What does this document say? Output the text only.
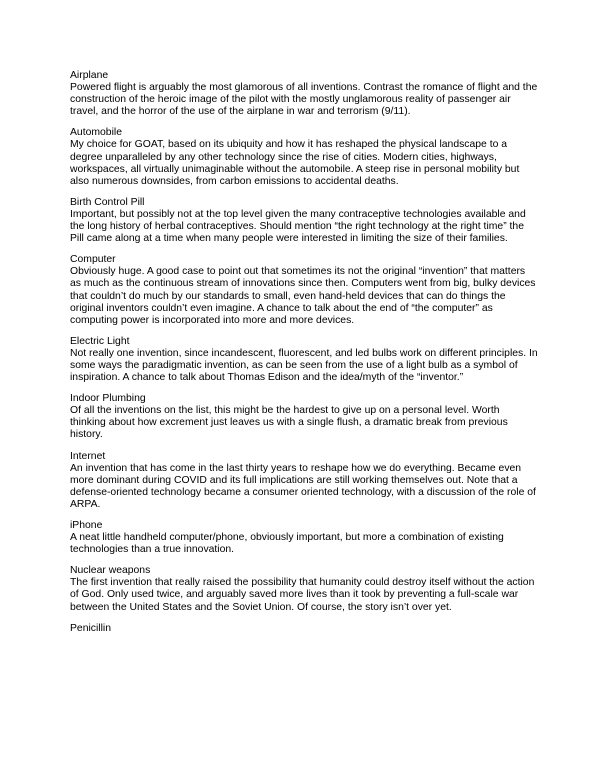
Airplane
Powered flight is arguably the most glamorous of all inventions. Contrast the romance of flight and the construction of the heroic image of the pilot with the mostly unglamorous reality of passenger air travel, and the horror of the use of the airplane in war and terrorism (9/11).
Automobile
My choice for GOAT, based on its ubiquity and how it has reshaped the physical landscape to a degree unparalleled by any other technology since the rise of cities. Modern cities, highways, workspaces, all virtually unimaginable without the automobile. A steep rise in personal mobility but also numerous downsides, from carbon emissions to accidental deaths.
Birth Control Pill
Important, but possibly not at the top level given the many contraceptive technologies available and the long history of herbal contraceptives. Should mention “the right technology at the right time” the Pill came along at a time when many people were interested in limiting the size of their families.
Computer
Obviously huge. A good case to point out that sometimes its not the original “invention” that matters as much as the continuous stream of innovations since then. Computers went from big, bulky devices that couldn’t do much by our standards to small, even hand-held devices that can do things the original inventors couldn’t even imagine. A chance to talk about the end of “the computer” as computing power is incorporated into more and more devices.
Electric Light
Not really one invention, since incandescent, fluorescent, and led bulbs work on different principles. In some ways the paradigmatic invention, as can be seen from the use of a light bulb as a symbol of inspiration. A chance to talk about Thomas Edison and the idea/myth of the “inventor.”
Indoor Plumbing
Of all the inventions on the list, this might be the hardest to give up on a personal level. Worth thinking about how excrement just leaves us with a single flush, a dramatic break from previous history.
Internet
An invention that has come in the last thirty years to reshape how we do everything. Became even more dominant during COVID and its full implications are still working themselves out. Note that a defense-oriented technology became a consumer oriented technology, with a discussion of the role of ARPA.
iPhone
A neat little handheld computer/phone, obviously important, but more a combination of existing technologies than a true innovation.
Nuclear weapons
The first invention that really raised the possibility that humanity could destroy itself without the action of God. Only used twice, and arguably saved more lives than it took by preventing a full-scale war between the United States and the Soviet Union. Of course, the story isn’t over yet.
Penicillin
